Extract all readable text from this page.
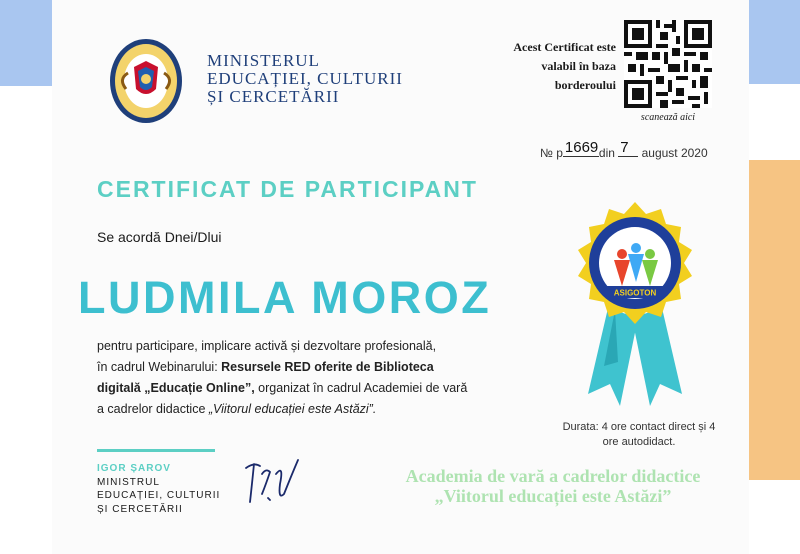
MINISTERUL
EDUCAȚIEI, CULTURII
ȘI CERCETĂRII
Acest Certificat este
valabil în baza
borderoului
scanează aici
№ p 1669 din 7 august 2020
CERTIFICAT DE PARTICIPANT
Se acordă Dnei/Dlui
LUDMILA MOROZ
pentru participare, implicare activă și dezvoltare profesională,
în cadrul Webinarului: Resursele RED oferite de Biblioteca
digitală „Educație Online”, organizat în cadrul Academiei de vară
a cadrelor didactice „Viitorul educației este Astăzi”.
ASIGOTON
Durata: 4 ore contact direct și 4
ore autodidact.
IGOR ȘAROV
MINISTRUL
EDUCAȚIEI, CULTURII
ȘI CERCETĂRII
Academia de vară a cadrelor didactice
„Viitorul educației este Astăzi”
